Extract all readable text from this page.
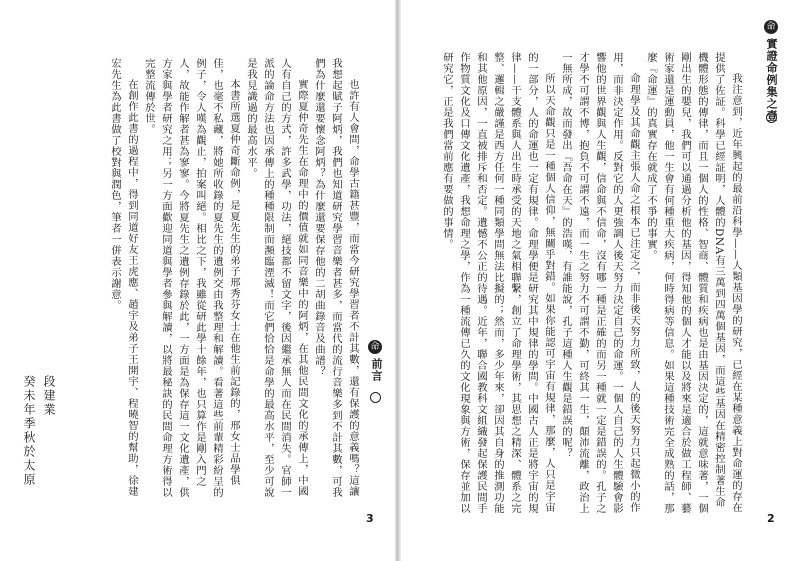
段建業
癸未年季秋於太原	也許有人會問，命學古籍甚豐，而當今研究學習者不計其數，還有保護的意義嗎？這讓我想起賦子阿炳，我們也知道研究學習音樂者甚多，而當代的流行音樂多到不計其數，可我們為什麼還要懷念阿炳？為什麼還要保存他的二胡曲錄音及曲譜？

實際夏仲奇先生在命理中的價值就如同音樂中的阿炳，在其他民間文化的承傳上，中國人有自己的方式，許多武學，功法，絕技都不留文字，後因繼承無人而在民間消失。官師一派的論命方法也因承傳上的種種限制而瀕臨湮滅！而它們恰恰是命學的最高水平，至少可說是我見識過的最高水平。

本書所選夏仲奇斷命例，是夏先生的弟子邢秀芬女士在他生前記錄的，邢女士品學俱佳，也毫不私藏，將她所收錄的夏先生的遺例交由我整理和解讀。看著這些前輩精彩紛呈的例子，令人嘆為觀止，拍案叫絕。相比之下，我雖從研此學十餘年，也只算作是剛入門之人，故能作解者甚為寥寥。今將夏先生之遺例存錄於此，一方面是為保存這一文化遺產，供方家與學者研究之用；另一方面歡迎同道與學者參與解讀，以將最秘訣的民間命理方術得以完整流傳於世。

在創作此書的過程中，得到同道好友王虎應、趙宇及弟子王開宇、程曉智的幫助，徐建宏先生為此書做了校對與潤色，筆者一併表示謝意。

命
前言
3

我注意到，近年興起的最前沿科學——人類基因學的研究，已經在某種意義上對命運的存在提供了佐証。科學已經証明，人體的DNA有三萬到四萬個基因，而這些基因在精密控制著生命機體形態的傳律，而且一個人的性格、智商、體質和疾病也是由基因決定的，這就意味著，一個剛出生的嬰兒，我們可以通過分析他的基因，得知他的個人才能以及將來是適合於做工程師、藝術家還是運動員，他一生會有何種重大疾病，何時得病等信息。如果這種技術完全成熟的話，那麼『命運』的真實存在就成了不爭的事實。

命理學及其命觀主張人命之根本已注定之，而非後天努力所致，人的後天努力只起微小的作用，而非決定作用。反對它的人更強調人後天努力決定自己的命運。一個人自己的人生體驗會影響他的世界觀與人生觀，信命與不信命，沒有哪一種是正確的而另一種就一定是錯誤的。孔子之才學不可謂不博，抱負不可謂不遠，而一生之努力不可謂不勤，可終其一生，顛沛流離，政治上一無所成，故而發出『吾命在天』的浩嘆，有誰能說，孔子這種人生觀是錯誤的呢？

所以天命觀只是一種個人信仰，無關乎對錯。如果你能認可宇宙有規律，那麼，人只是宇宙的一部分，人的命運也一定有規律。命理學便是研究其中規律的學問。中國古人正是將宇宙的規律——干支體系與人出生時承受的天地之氣相聯繫，創立了命理學術，其思想之精深、體系之完整、邏輯之嚴謹是西方任何一種同類學問無法比擬的；然而，多少年來，卻因其自身的推測功能和其他原因，一直被排斥和否定。遺憾不公正的待遇。近年，聯合國教科文組織發起保護民間手作物質文化及口傳文化遺產，我想命理之學，作為一種流傳已久的文化現象與方術，保存並加以研究它，正是我們當前應有要做的事情。

命
實證命例集之壹
2
